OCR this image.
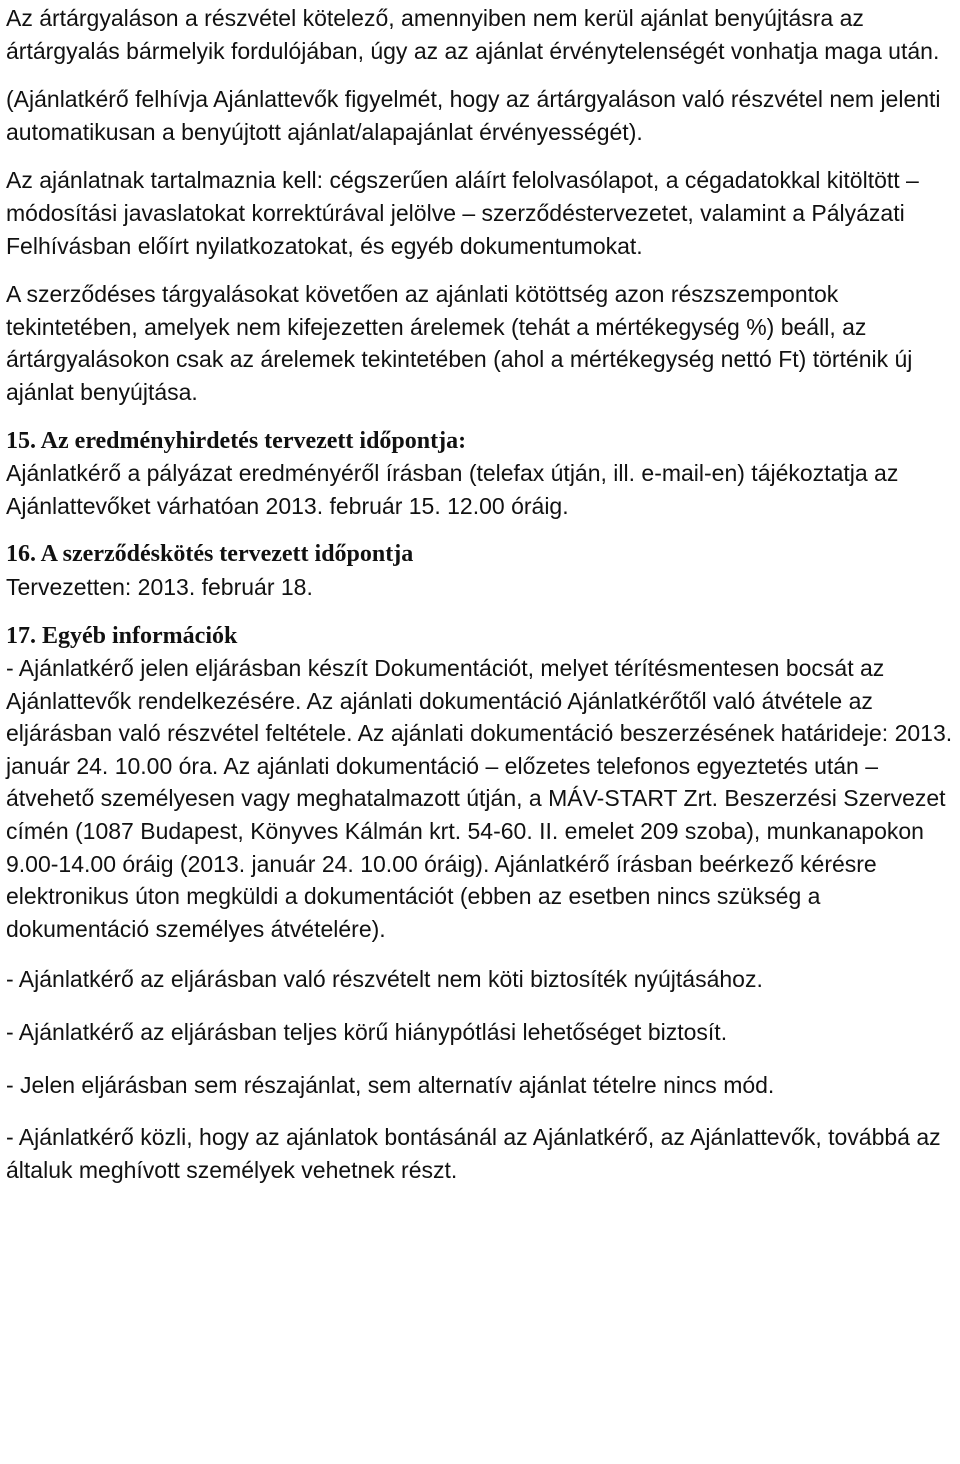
Az ártárgyaláson a részvétel kötelező, amennyiben nem kerül ajánlat benyújtásra az ártárgyalás bármelyik fordulójában, úgy az az ajánlat érvénytelenségét vonhatja maga után.

(Ajánlatkérő felhívja Ajánlattevők figyelmét, hogy az ártárgyaláson való részvétel nem jelenti automatikusan a benyújtott ajánlat/alapajánlat érvényességét).

Az ajánlatnak tartalmaznia kell: cégszerűen aláírt felolvasólapot, a cégadatokkal kitöltött – módosítási javaslatokat korrektúrával jelölve – szerződéstervezetet, valamint a Pályázati Felhívásban előírt nyilatkozatokat, és egyéb dokumentumokat.

A szerződéses tárgyalásokat követően az ajánlati kötöttség azon részszempontok tekintetében, amelyek nem kifejezetten árelemek (tehát a mértékegység %) beáll, az ártárgyalásokon csak az árelemek tekintetében (ahol a mértékegység nettó Ft) történik új ajánlat benyújtása.

15. Az eredményhirdetés tervezett időpontja:

Ajánlatkérő a pályázat eredményéről írásban (telefax útján, ill. e-mail-en) tájékoztatja az Ajánlattevőket várhatóan 2013. február 15. 12.00 óráig.

16. A szerződéskötés tervezett időpontja

Tervezetten: 2013. február 18.

17. Egyéb információk

- Ajánlatkérő jelen eljárásban készít Dokumentációt, melyet térítésmentesen bocsát az Ajánlattevők rendelkezésére. Az ajánlati dokumentáció Ajánlatkérőtől való átvétele az eljárásban való részvétel feltétele. Az ajánlati dokumentáció beszerzésének határideje: 2013. január 24. 10.00 óra. Az ajánlati dokumentáció – előzetes telefonos egyeztetés után – átvehető személyesen vagy meghatalmazott útján, a MÁV-START Zrt. Beszerzési Szervezet címén (1087 Budapest, Könyves Kálmán krt. 54-60. II. emelet 209 szoba), munkanapokon 9.00-14.00 óráig (2013. január 24. 10.00 óráig). Ajánlatkérő írásban beérkező kérésre elektronikus úton megküldi a dokumentációt (ebben az esetben nincs szükség a dokumentáció személyes átvételére).

- Ajánlatkérő az eljárásban való részvételt nem köti biztosíték nyújtásához.

- Ajánlatkérő az eljárásban teljes körű hiánypótlási lehetőséget biztosít.

- Jelen eljárásban sem részajánlat, sem alternatív ajánlat tételre nincs mód.

- Ajánlatkérő közli, hogy az ajánlatok bontásánál az Ajánlatkérő, az Ajánlattevők, továbbá az általuk meghívott személyek vehetnek részt.
